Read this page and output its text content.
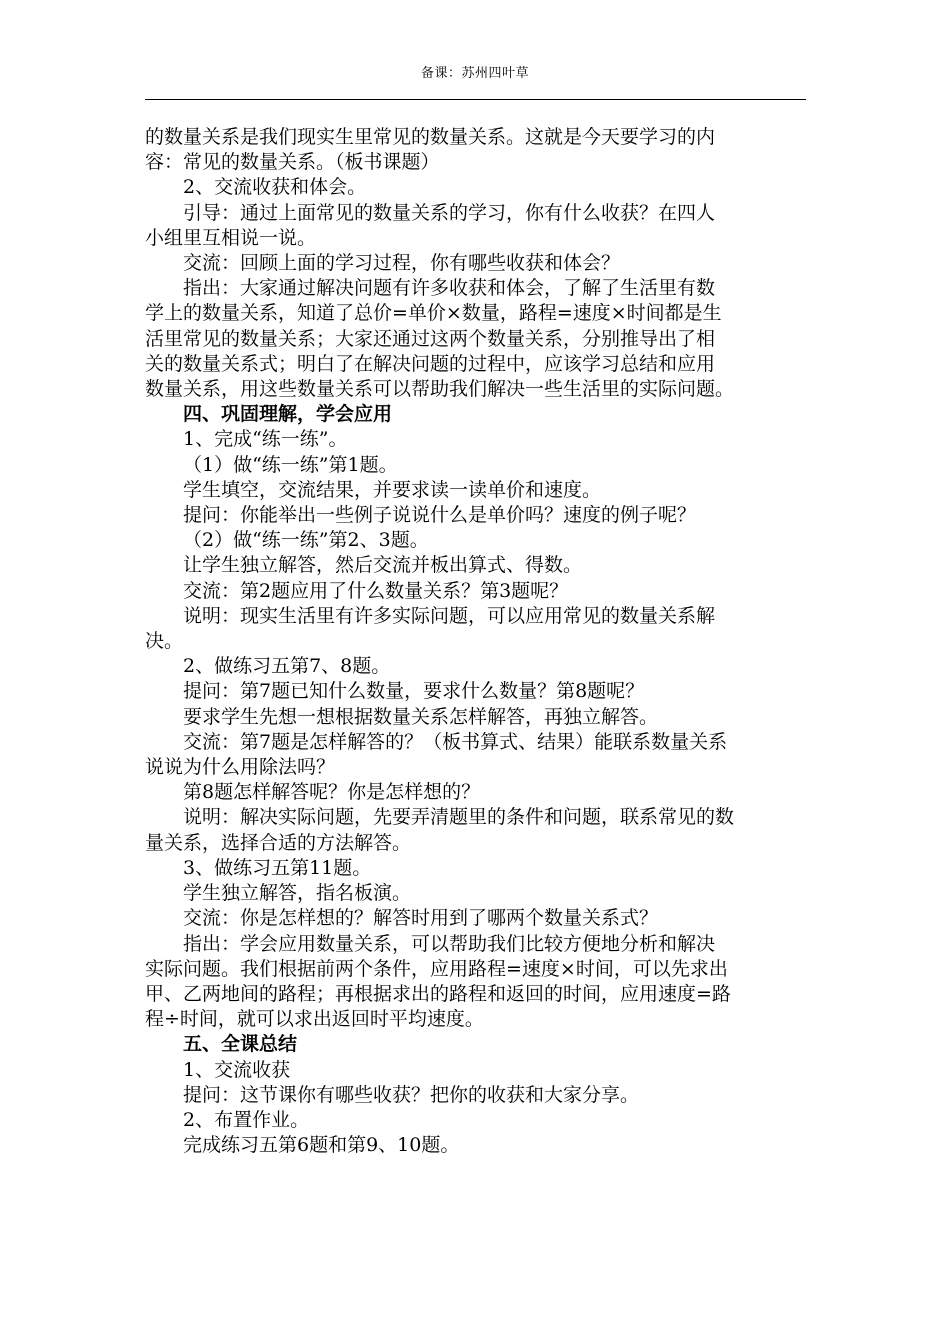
备课：苏州四叶草

的数量关系是我们现实生里常见的数量关系。这就是今天要学习的内

容：常见的数量关系。（板书课题）

2、交流收获和体会。

引导：通过上面常见的数量关系的学习，你有什么收获？在四人

小组里互相说一说。

交流：回顾上面的学习过程，你有哪些收获和体会？

指出：大家通过解决问题有许多收获和体会，了解了生活里有数

学上的数量关系，知道了总价=单价×数量，路程=速度×时间都是生

活里常见的数量关系；大家还通过这两个数量关系，分别推导出了相

关的数量关系式；明白了在解决问题的过程中，应该学习总结和应用

数量关系，用这些数量关系可以帮助我们解决一些生活里的实际问题。

四、巩固理解，学会应用

1、完成“练一练”。

（1）做“练一练”第1题。

学生填空，交流结果，并要求读一读单价和速度。

提问：你能举出一些例子说说什么是单价吗？速度的例子呢？

（2）做“练一练”第2、3题。

让学生独立解答，然后交流并板出算式、得数。

交流：第2题应用了什么数量关系？第3题呢？

说明：现实生活里有许多实际问题，可以应用常见的数量关系解

决。

2、做练习五第7、8题。

提问：第7题已知什么数量，要求什么数量？第8题呢？

要求学生先想一想根据数量关系怎样解答，再独立解答。

交流：第7题是怎样解答的？（板书算式、结果）能联系数量关系

说说为什么用除法吗？

第8题怎样解答呢？你是怎样想的？

说明：解决实际问题，先要弄清题里的条件和问题，联系常见的数

量关系，选择合适的方法解答。

3、做练习五第11题。

学生独立解答，指名板演。

交流：你是怎样想的？解答时用到了哪两个数量关系式？

指出：学会应用数量关系，可以帮助我们比较方便地分析和解决

实际问题。我们根据前两个条件，应用路程=速度×时间，可以先求出

甲、乙两地间的路程；再根据求出的路程和返回的时间，应用速度=路

程÷时间，就可以求出返回时平均速度。

五、全课总结

1、交流收获

提问：这节课你有哪些收获？把你的收获和大家分享。

2、布置作业。

完成练习五第6题和第9、10题。
